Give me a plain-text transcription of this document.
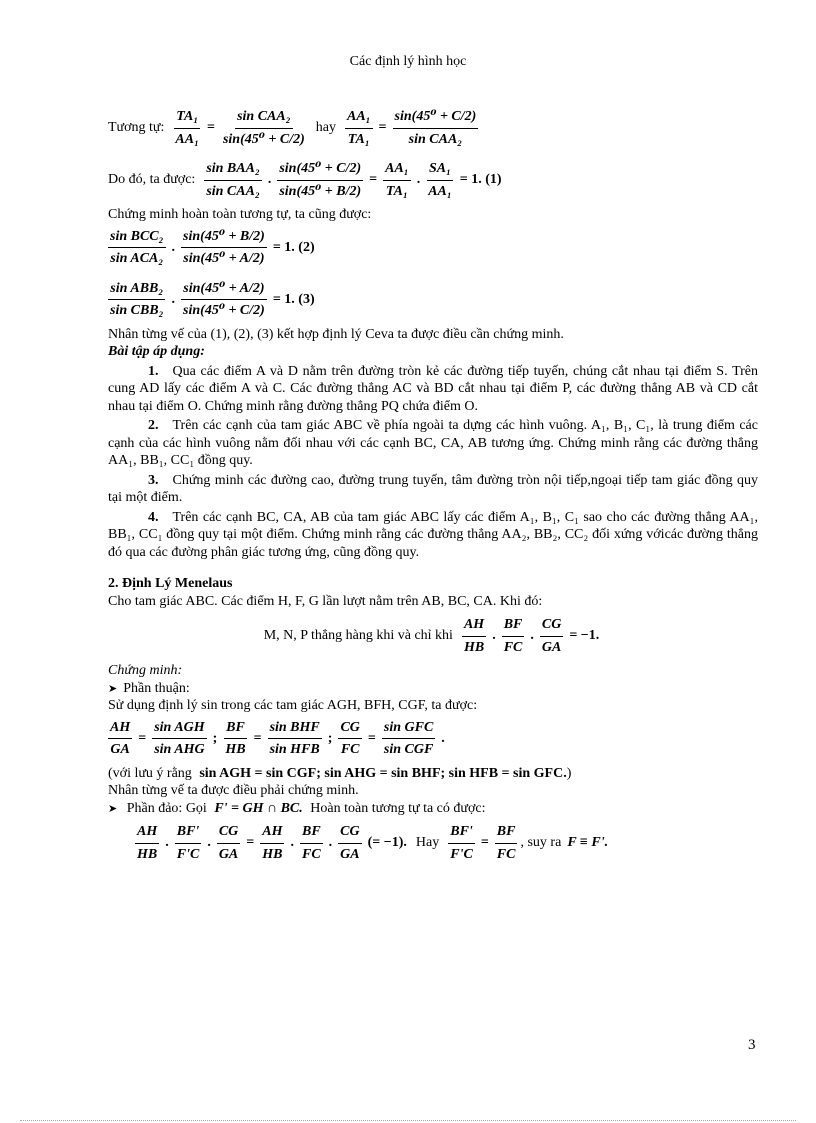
Các định lý hình học
Tương tự: $\frac{\text{TA₁}}{\text{AA₁}} = \frac{\text{sin CAA₂}}{\text{sin(45⁰ + C/2)}}$ hay $\frac{\text{AA₁}}{\text{TA₁}} = \frac{\text{sin(45⁰ + C/2)}}{\text{sin CAA₂}}$
Do đó, ta được: $\frac{\text{sin BAA₂}}{\text{sin CAA₂}}$ . $\frac{\text{sin(45⁰ + C/2)}}{\text{sin(45⁰ + B/2)}} = \frac{\text{AA₁}}{\text{TA₁}}$ . $\frac{\text{SA₁}}{\text{AA₁}} = 1$. (1)
Chứng minh hoàn toàn tương tự, ta cũng được:
$\frac{\text{sin BCC₂}}{\text{sin ACA₂}}$ . $\frac{\text{sin(45⁰ + B/2)}}{\text{sin(45⁰ + A/2)}} = 1$. (2)
$\frac{\text{sin ABB₂}}{\text{sin CBB₂}}$ . $\frac{\text{sin(45⁰ + A/2)}}{\text{sin(45⁰ + C/2)}} = 1$. (3)
Nhân từng vế của (1), (2), (3) kết hợp định lý Ceva ta được điều cần chứng minh.
Bài tập áp dụng:
1. Qua các điểm A và D nằm trên đường tròn kẻ các đường tiếp tuyến, chúng cắt nhau tại điểm S. Trên cung AD lấy các điểm A và C. Các đường thẳng AC và BD cắt nhau tại điểm P, các đường thẳng AB và CD cắt nhau tại điểm O. Chứng minh rằng đường thẳng PQ chứa điểm O.
2. Trên các cạnh của tam giác ABC về phía ngoài ta dựng các hình vuông. A₁, B₁, C₁, là trung điểm các cạnh của các hình vuông nằm đối nhau với các cạnh BC, CA, AB tương ứng. Chứng minh rằng các đường thẳng AA₁, BB₁, CC₁ đồng quy.
3. Chứng minh các đường cao, đường trung tuyến, tâm đường tròn nội tiếp,ngoại tiếp tam giác đồng quy tại một điểm.
4. Trên các cạnh BC, CA, AB của tam giác ABC lấy các điểm A₁, B₁, C₁ sao cho các đường thẳng AA₁, BB₁, CC₁ đồng quy tại một điểm. Chứng minh rằng các đường thẳng AA₂, BB₂, CC₂ đối xứng vớicác đường thẳng đó qua các đường phân giác tương ứng, cũng đồng quy.
2. Định Lý Menelaus
Cho tam giác ABC. Các điểm H, F, G lần lượt nằm trên AB, BC, CA. Khi đó:
M, N, P thẳng hàng khi và chỉ khi $\frac{AH}{HB}$ . $\frac{BF}{FC}$ . $\frac{CG}{GA} = -1$.
Chứng minh:
➤ Phần thuận:
Sử dụng định lý sin trong các tam giác AGH, BFH, CGF, ta được:
$\frac{AH}{GA} = \frac{\text{sin AGH}}{\text{sin AHG}}$ ; $\frac{BF}{HB} = \frac{\text{sin BHF}}{\text{sin HFB}}$ ; $\frac{CG}{FC} = \frac{\text{sin GFC}}{\text{sin CGF}}$ .
(với lưu ý rằng sin AGH = sin CGF; sin AHG = sin BHF; sin HFB = sin GFC.)
Nhân từng vế ta được điều phải chứng minh.
➤ Phần đảo: Gọi F' = GH ∩ BC. Hoàn toàn tương tự ta có được:
$\frac{AH}{HB}$ . $\frac{BF'}{F'C}$ . $\frac{CG}{GA} = \frac{AH}{HB}$ . $\frac{BF}{FC}$ . $\frac{CG}{GA}$ (= −1). Hay $\frac{BF'}{F'C} = \frac{BF}{FC}$ , suy ra F ≡ F'.
3
